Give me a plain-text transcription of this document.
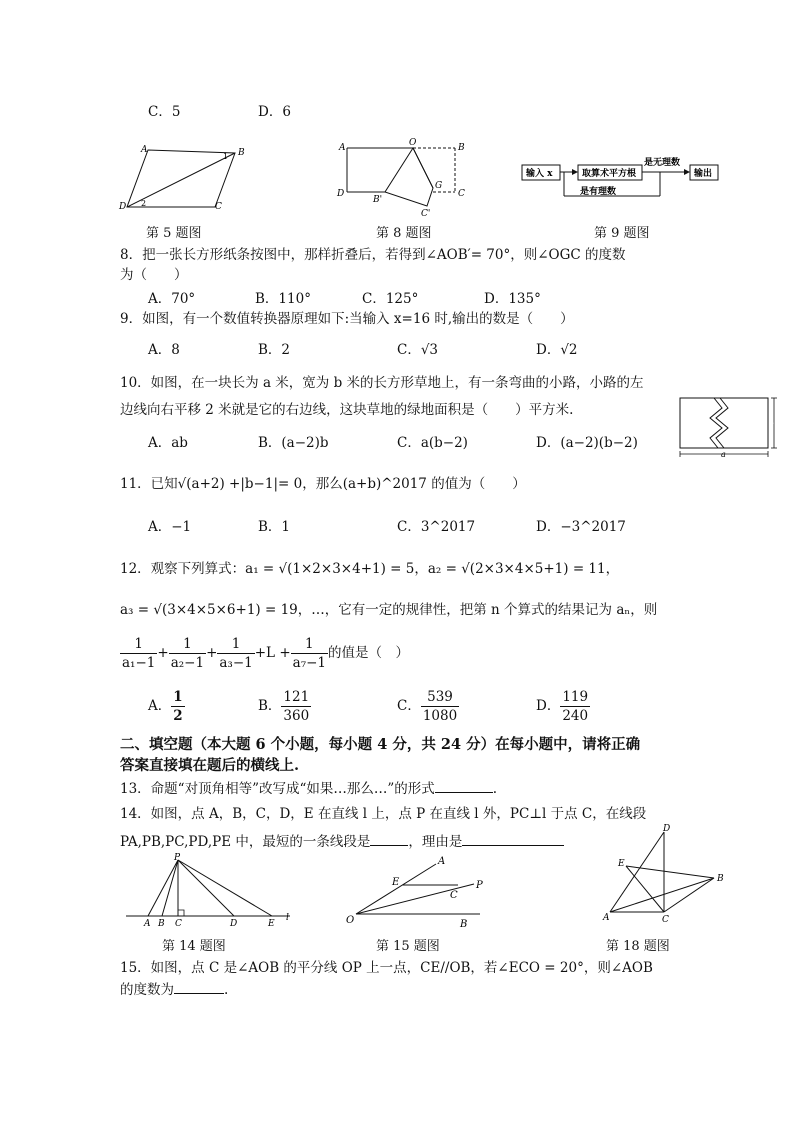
C．5	D．6
A	B
C
D
1
2
第 5 题图
A	O	B
D
G
C
B'
C'
第 8 题图
输入 x	取算术平方根
是无理数
输出
是有理数
第 9 题图
8．把一张长方形纸条按图中，那样折叠后，若得到∠AOB′= 70°，则∠OGC 的度数
为（　　）
A．70°	B．110°	C．125°	D．135°
9．如图，有一个数值转换器原理如下:当输入 x=16 时,输出的数是（　　）
A．8	B．2	C．√3	D．√2
10．如图，在一块长为 a 米，宽为 b 米的长方形草地上，有一条弯曲的小路，小路的左
边线向右平移 2 米就是它的右边线，这块草地的绿地面积是（　　）平方米.
A．ab	B．(a−2)b	C．a(b−2)	D．(a−2)(b−2)
b
a
11．已知√(a+2) +|b−1|= 0，那么(a+b)^2017 的值为（　　）
A．−1	B．1	C．3^2017	D．−3^2017
12．观察下列算式：a₁ = √(1×2×3×4+1) = 5，a₂ = √(2×3×4×5+1) = 11，
a₃ = √(3×4×5×6+1) = 19，…，它有一定的规律性，把第 n 个算式的结果记为 aₙ，则
$\frac{1}{\text{a₁−1}} + \frac{1}{\text{a₂−1}} + \frac{1}{\text{a₃−1}} +L + \frac{1}{\text{a₇−1}}$ 的值是（　）
A． $\frac{1}{2}$	B． $\frac{121}{360}$	C． $\frac{539}{1080}$	D． $\frac{119}{240}$
二、填空题（本大题 6 个小题，每小题 4 分，共 24 分）在每小题中，请将正确
答案直接填在题后的横线上.
13．命题“对顶角相等”改写成“如果…那么…”的形式	.
14．如图，点 A，B，C，D，E 在直线 l 上，点 P 在直线 l 外，PC⊥l 于点 C，在线段
PA,PB,PC,PD,PE 中，最短的一条线段是	，理由是
P
A B C	D	E
l
第 14 题图
A
E
C
P
O	B
第 15 题图
D
E
B
A	C
第 18 题图
15．如图，点 C 是∠AOB 的平分线 OP 上一点，CE//OB，若∠ECO = 20°，则∠AOB
的度数为	.
